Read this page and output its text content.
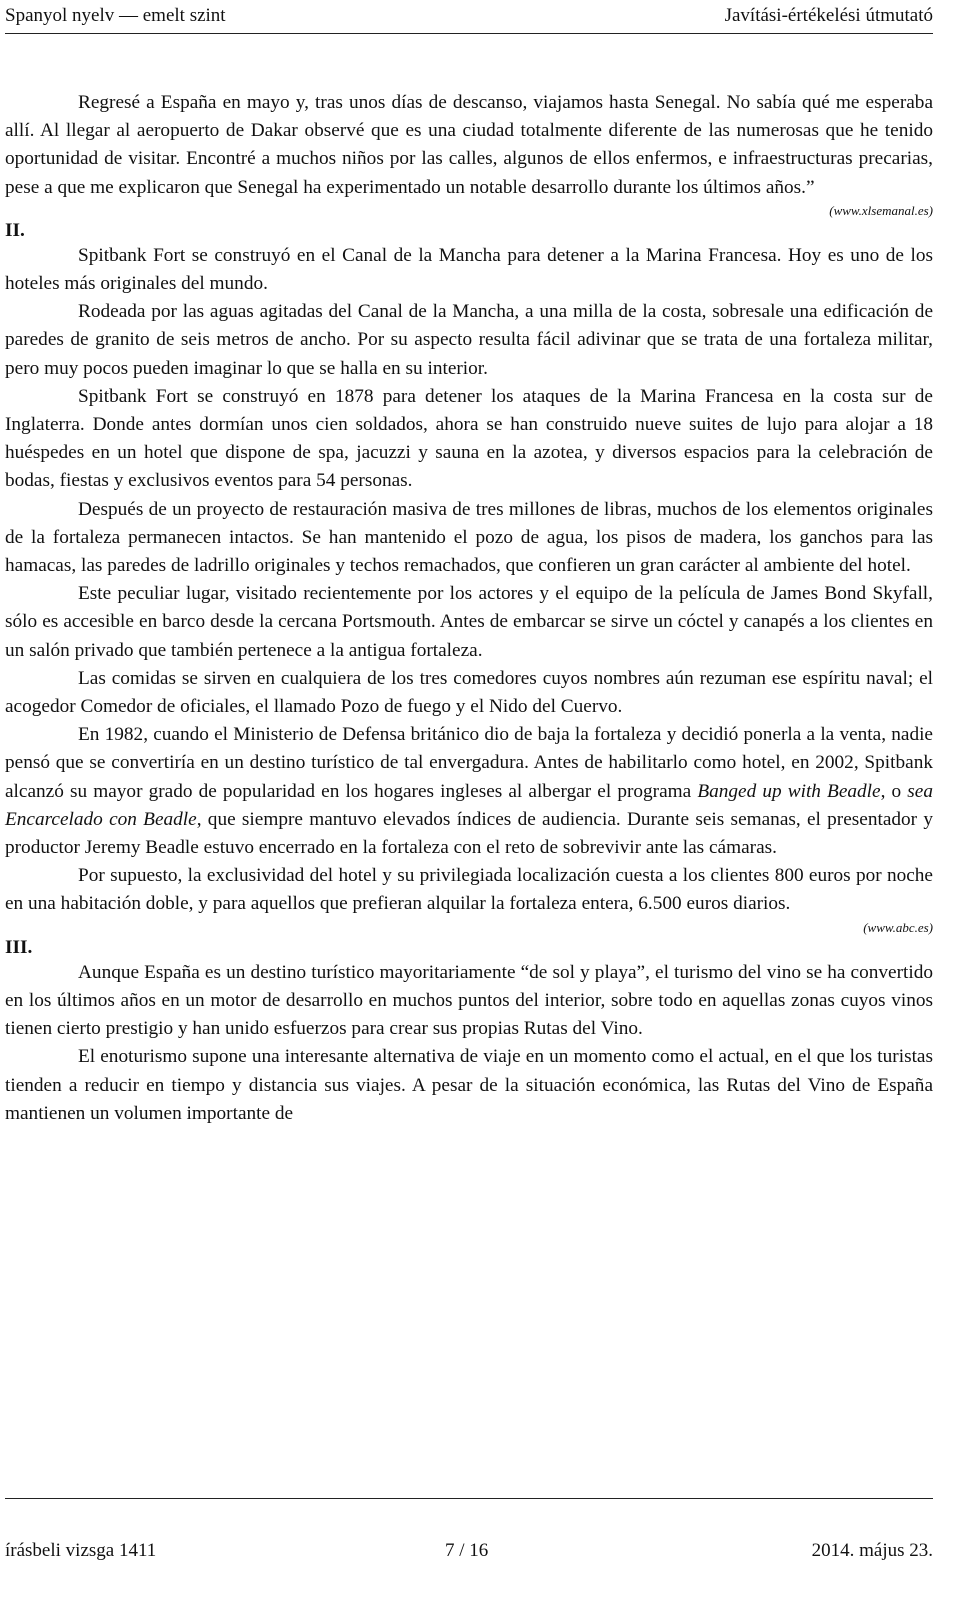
Spanyol nyelv — emelt szint	Javítási-értékelési útmutató

Regresé a España en mayo y, tras unos días de descanso, viajamos hasta Senegal. No sabía qué me esperaba allí. Al llegar al aeropuerto de Dakar observé que es una ciudad totalmente diferente de las numerosas que he tenido oportunidad de visitar. Encontré a muchos niños por las calles, algunos de ellos enfermos, e infraestructuras precarias, pese a que me explicaron que Senegal ha experimentado un notable desarrollo durante los últimos años.”

(www.xlsemanal.es)

II.

Spitbank Fort se construyó en el Canal de la Mancha para detener a la Marina Francesa. Hoy es uno de los hoteles más originales del mundo.

Rodeada por las aguas agitadas del Canal de la Mancha, a una milla de la costa, sobresale una edificación de paredes de granito de seis metros de ancho. Por su aspecto resulta fácil adivinar que se trata de una fortaleza militar, pero muy pocos pueden imaginar lo que se halla en su interior.

Spitbank Fort se construyó en 1878 para detener los ataques de la Marina Francesa en la costa sur de Inglaterra. Donde antes dormían unos cien soldados, ahora se han construido nueve suites de lujo para alojar a 18 huéspedes en un hotel que dispone de spa, jacuzzi y sauna en la azotea, y diversos espacios para la celebración de bodas, fiestas y exclusivos eventos para 54 personas.

Después de un proyecto de restauración masiva de tres millones de libras, muchos de los elementos originales de la fortaleza permanecen intactos. Se han mantenido el pozo de agua, los pisos de madera, los ganchos para las hamacas, las paredes de ladrillo originales y techos remachados, que confieren un gran carácter al ambiente del hotel.

Este peculiar lugar, visitado recientemente por los actores y el equipo de la película de James Bond Skyfall, sólo es accesible en barco desde la cercana Portsmouth. Antes de embarcar se sirve un cóctel y canapés a los clientes en un salón privado que también pertenece a la antigua fortaleza.

Las comidas se sirven en cualquiera de los tres comedores cuyos nombres aún rezuman ese espíritu naval; el acogedor Comedor de oficiales, el llamado Pozo de fuego y el Nido del Cuervo.

En 1982, cuando el Ministerio de Defensa británico dio de baja la fortaleza y decidió ponerla a la venta, nadie pensó que se convertiría en un destino turístico de tal envergadura. Antes de habilitarlo como hotel, en 2002, Spitbank alcanzó su mayor grado de popularidad en los hogares ingleses al albergar el programa Banged up with Beadle, o sea Encarcelado con Beadle, que siempre mantuvo elevados índices de audiencia. Durante seis semanas, el presentador y productor Jeremy Beadle estuvo encerrado en la fortaleza con el reto de sobrevivir ante las cámaras.

Por supuesto, la exclusividad del hotel y su privilegiada localización cuesta a los clientes 800 euros por noche en una habitación doble, y para aquellos que prefieran alquilar la fortaleza entera, 6.500 euros diarios.

(www.abc.es)

III.

Aunque España es un destino turístico mayoritariamente “de sol y playa”, el turismo del vino se ha convertido en los últimos años en un motor de desarrollo en muchos puntos del interior, sobre todo en aquellas zonas cuyos vinos tienen cierto prestigio y han unido esfuerzos para crear sus propias Rutas del Vino.

El enoturismo supone una interesante alternativa de viaje en un momento como el actual, en el que los turistas tienden a reducir en tiempo y distancia sus viajes. A pesar de la situación económica, las Rutas del Vino de España mantienen un volumen importante de

írásbeli vizsga 1411	7 / 16	2014. május 23.
